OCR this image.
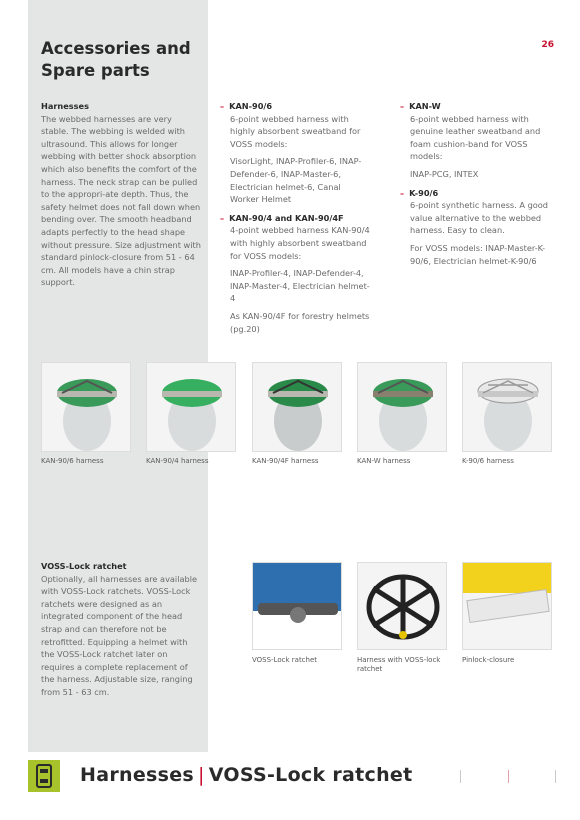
Accessories and
Spare parts
26
Harnesses

The webbed harnesses are very stable. The webbing is welded with ultrasound. This allows for longer webbing with better shock absorption which also benefits the comfort of the harness. The neck strap can be pulled to the appropri-ate depth. Thus, the safety helmet does not fall down when bending over. The smooth headband adapts perfectly to the head shape without pressure. Size adjustment with standard pinlock-closure from 51 - 64 cm. All models have a chin strap support.

– KAN-90/6

6-point webbed harness with highly absorbent sweatband for VOSS models:

VisorLight, INAP-Profiler-6, INAP-Defender-6, INAP-Master-6, Electrician helmet-6, Canal Worker Helmet

– KAN-90/4 and KAN-90/4F

4-point webbed harness KAN-90/4 with highly absorbent sweatband for VOSS models:

INAP-Profiler-4, INAP-Defender-4, INAP-Master-4, Electrician helmet-4

As KAN-90/4F for forestry helmets (pg.20)

– KAN-W

6-point webbed harness with genuine leather sweatband and foam cushion-band for VOSS models:

INAP-PCG, INTEX

– K-90/6

6-point synthetic harness. A good value alternative to the webbed harness. Easy to clean.

For VOSS models: INAP-Master-K-90/6, Electrician helmet-K-90/6

KAN-90/6 harness	KAN-90/4 harness	KAN-90/4F harness	KAN-W harness	K-90/6 harness
VOSS-Lock ratchet

Optionally, all harnesses are available with VOSS-Lock ratchets. VOSS-Lock ratchets were designed as an integrated component of the head strap and can therefore not be retrofitted. Equipping a helmet with the VOSS-Lock ratchet later on requires a complete replacement of the harness. Adjustable size, ranging from 51 - 63 cm.

VOSS-Lock ratchet	Harness with VOSS-lock ratchet
Pinlock-closure
Harnesses | VOSS-Lock ratchet
